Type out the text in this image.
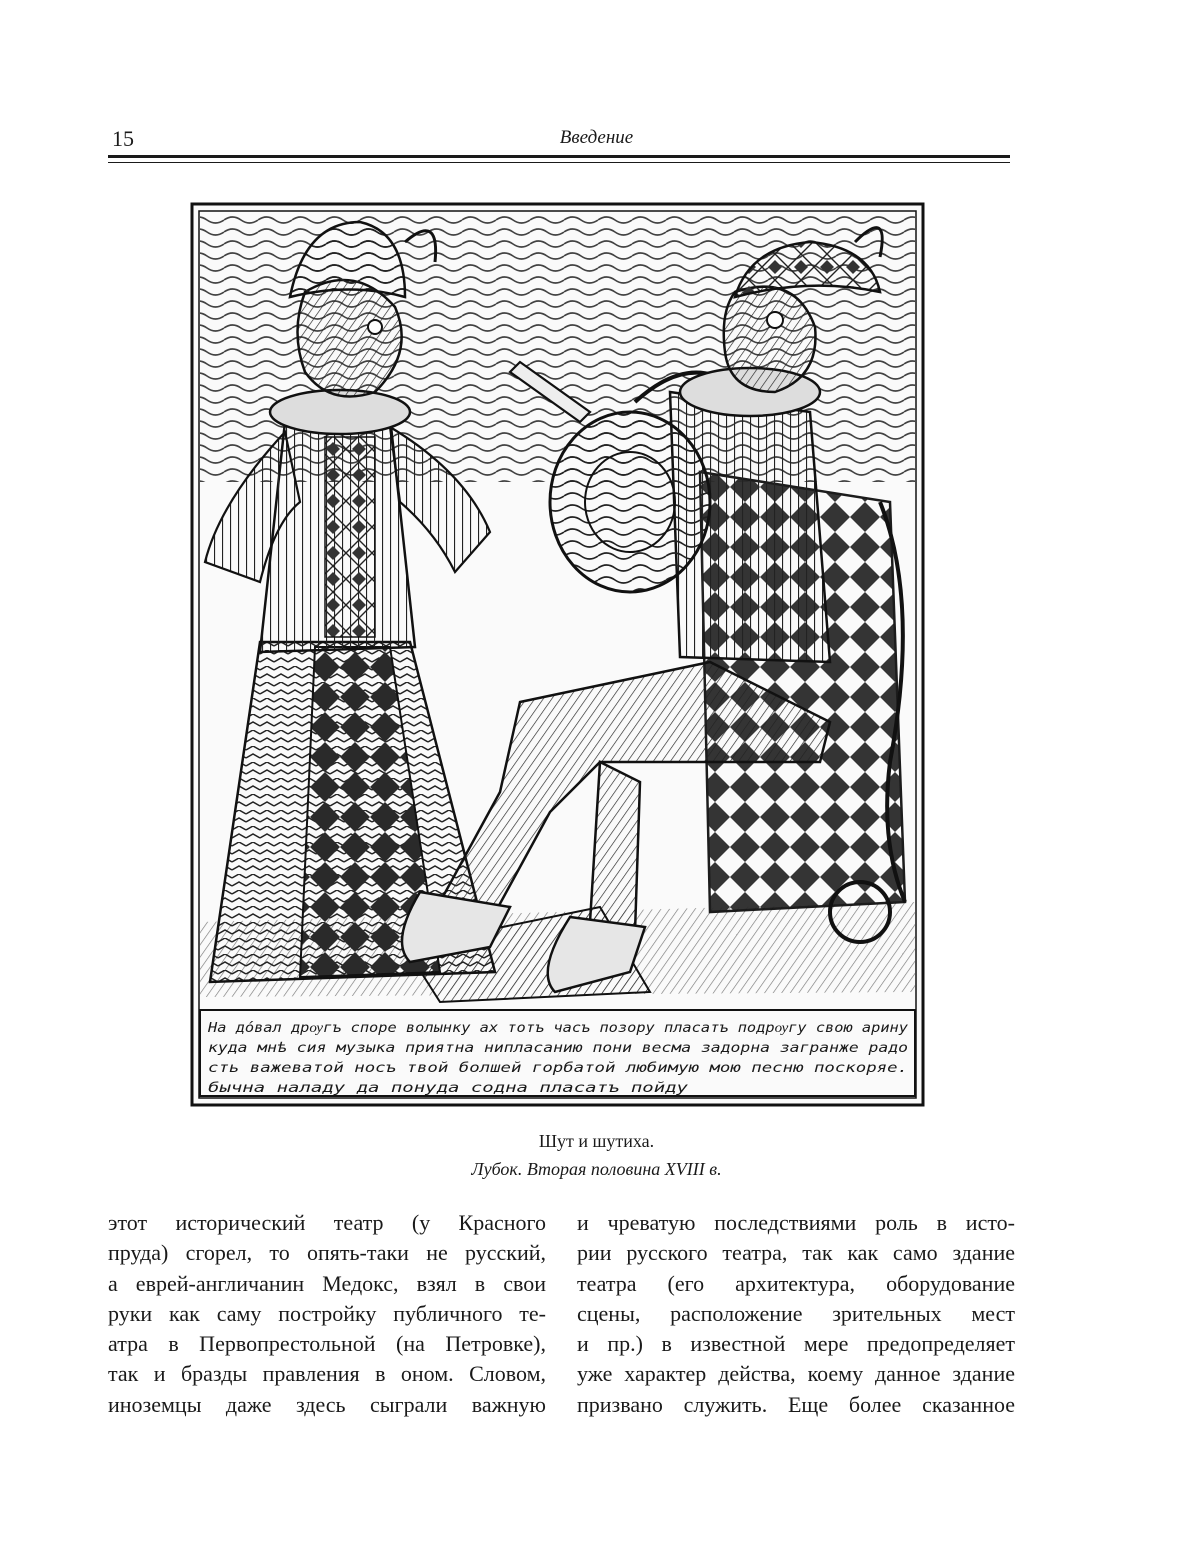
15	Введение
На дóвал дрѹгъ споре волынку ах тотъ часъ позору пласатъ подрѹгу свою арину
куда мнѣ сия музыка приятна нипласанию пони весма задорна загранже радо
сть важеватой носъ твой болшей горбатой любимую мою песню поскоряе.
бычна наладу да понуда содна пласатъ пойду
Шут и шутиха.
Лубок. Вторая половина XVIII в.
этот исторический театр (у Красного
пруда) сгорел, то опять-таки не русский,
а еврей-англичанин Медокс, взял в свои
руки как саму постройку публичного те-
атра в Первопрестольной (на Петровке),
так и бразды правления в оном. Словом,
иноземцы даже здесь сыграли важную
и чреватую последствиями роль в исто-
рии русского театра, так как само здание
театра (его архитектура, оборудование
сцены, расположение зрительных мест
и пр.) в известной мере предопределяет
уже характер действа, коему данное здание
призвано служить. Еще более сказанное
